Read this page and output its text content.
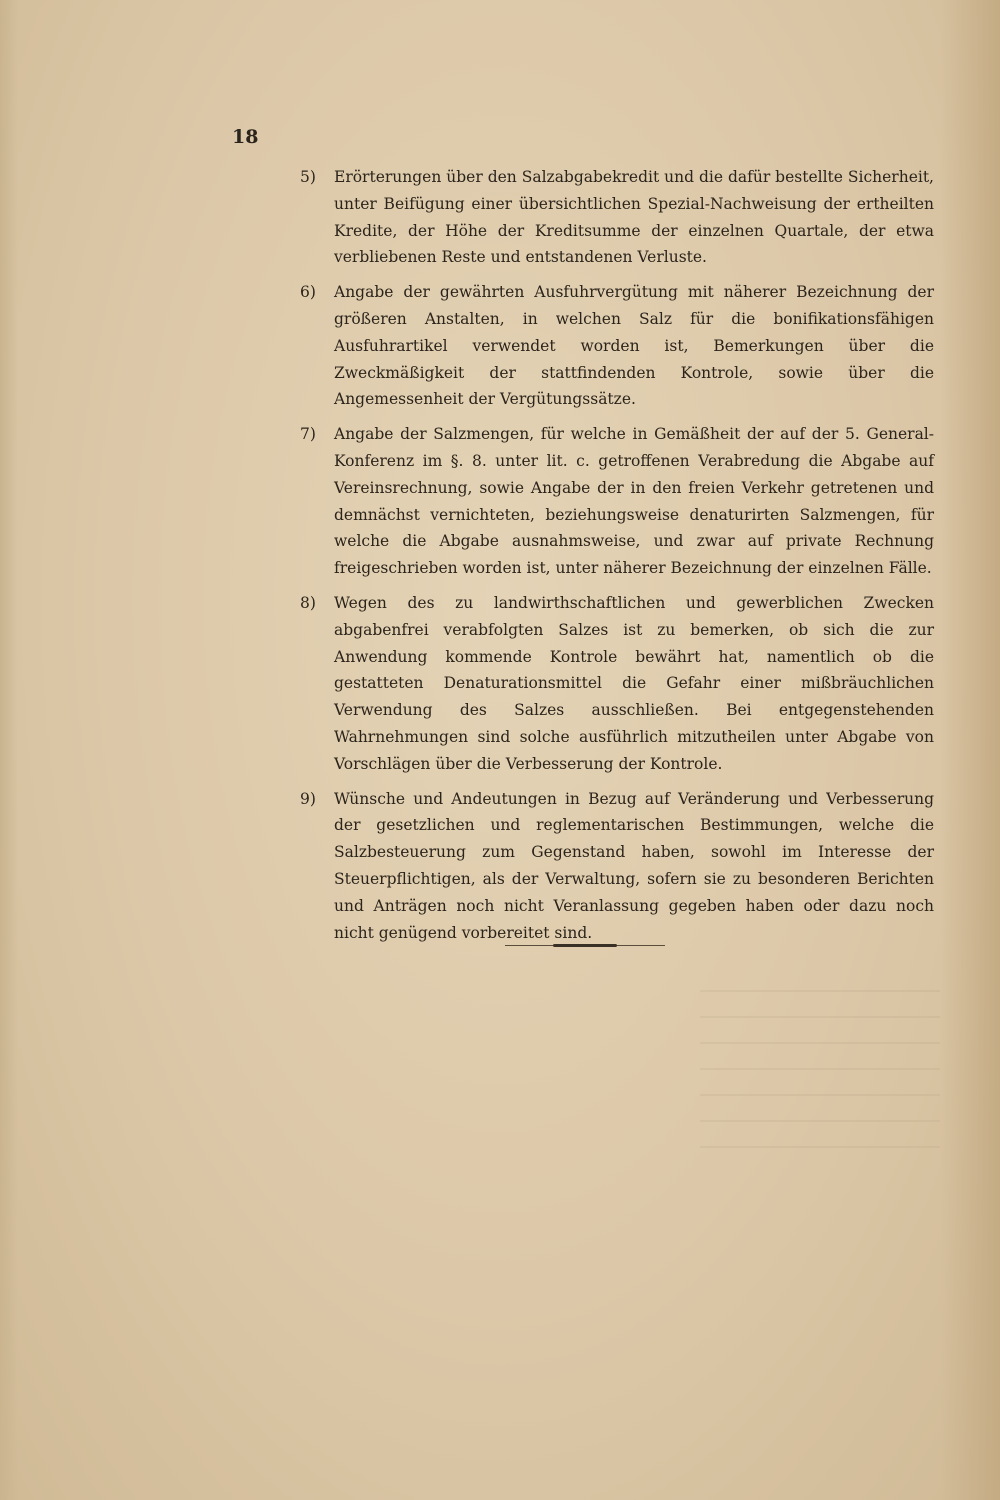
18
5)	Erörterungen über den Salzabgabekredit und die dafür bestellte Sicherheit, unter Beifügung einer übersichtlichen Spezial-Nachweisung der ertheilten Kredite, der Höhe der Kreditsumme der einzelnen Quartale, der etwa verbliebenen Reste und entstandenen Verluste.
6)	Angabe der gewährten Ausfuhrvergütung mit näherer Bezeichnung der größeren Anstalten, in welchen Salz für die bonifikationsfähigen Ausfuhrartikel verwendet worden ist, Bemerkungen über die Zweckmäßigkeit der stattfindenden Kontrole, sowie über die Angemessenheit der Vergütungssätze.
7)	Angabe der Salzmengen, für welche in Gemäßheit der auf der 5. General-Konferenz im §. 8. unter lit. c. getroffenen Verabredung die Abgabe auf Vereinsrechnung, sowie Angabe der in den freien Verkehr getretenen und demnächst vernichteten, beziehungsweise denaturirten Salzmengen, für welche die Abgabe ausnahmsweise, und zwar auf private Rechnung freigeschrieben worden ist, unter näherer Bezeichnung der einzelnen Fälle.
8)	Wegen des zu landwirthschaftlichen und gewerblichen Zwecken abgabenfrei verabfolgten Salzes ist zu bemerken, ob sich die zur Anwendung kommende Kontrole bewährt hat, namentlich ob die gestatteten Denaturationsmittel die Gefahr einer mißbräuchlichen Verwendung des Salzes ausschließen. Bei entgegenstehenden Wahrnehmungen sind solche ausführlich mitzutheilen unter Abgabe von Vorschlägen über die Verbesserung der Kontrole.
9)	Wünsche und Andeutungen in Bezug auf Veränderung und Verbesserung der gesetzlichen und reglementarischen Bestimmungen, welche die Salzbesteuerung zum Gegenstand haben, sowohl im Interesse der Steuerpflichtigen, als der Verwaltung, sofern sie zu besonderen Berichten und Anträgen noch nicht Veranlassung gegeben haben oder dazu noch nicht genügend vorbereitet sind.
